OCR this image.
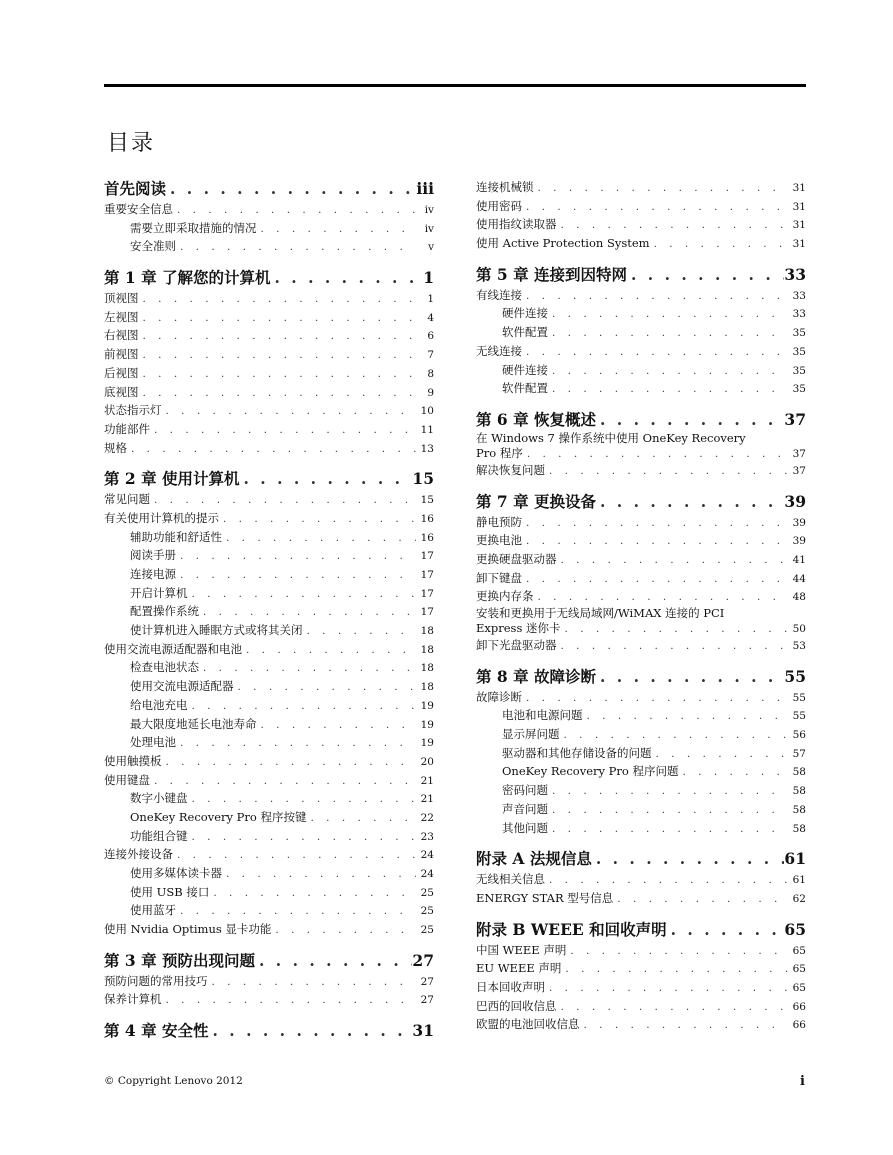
目录
首先阅读 . . .	iii
重要安全信息 . . .	iv
需要立即采取措施的情况 . . .	iv
安全准则 . . .	v
第 1 章 了解您的计算机 . . .	1
顶视图 . . .	1
左视图 . . .	4
右视图 . . .	6
前视图 . . .	7
后视图 . . .	8
底视图 . . .	9
状态指示灯 . . .	10
功能部件 . . .	11
规格 . . .	13
第 2 章 使用计算机 . . .	15
常见问题 . . .	15
有关使用计算机的提示 . . .	16
辅助功能和舒适性 . . .	16
阅读手册 . . .	17
连接电源 . . .	17
开启计算机 . . .	17
配置操作系统 . . .	17
使计算机进入睡眠方式或将其关闭 . . .	18
使用交流电源适配器和电池 . . .	18
检查电池状态 . . .	18
使用交流电源适配器 . . .	18
给电池充电 . . .	19
最大限度地延长电池寿命 . . .	19
处理电池 . . .	19
使用触摸板 . . .	20
使用键盘 . . .	21
数字小键盘 . . .	21
OneKey Recovery Pro 程序按键 . . .	22
功能组合键 . . .	23
连接外接设备 . . .	24
使用多媒体读卡器 . . .	24
使用 USB 接口 . . .	25
使用蓝牙 . . .	25
使用 Nvidia Optimus 显卡功能 . . .	25
第 3 章 预防出现问题 . . .	27
预防问题的常用技巧 . . .	27
保养计算机 . . .	27
第 4 章 安全性 . . .	31
连接机械锁 . . .	31
使用密码 . . .	31
使用指纹读取器 . . .	31
使用 Active Protection System . . .	31
第 5 章 连接到因特网 . . .	33
有线连接 . . .	33
硬件连接 . . .	33
软件配置 . . .	35
无线连接 . . .	35
硬件连接 . . .	35
软件配置 . . .	35
第 6 章 恢复概述 . . .	37
在 Windows 7 操作系统中使用 OneKey Recovery
Pro 程序 . . .	37
解决恢复问题 . . .	37
第 7 章 更换设备 . . .	39
静电预防 . . .	39
更换电池 . . .	39
更换硬盘驱动器 . . .	41
卸下键盘 . . .	44
更换内存条 . . .	48
安装和更换用于无线局域网/WiMAX 连接的 PCI
Express 迷你卡 . . .	50
卸下光盘驱动器 . . .	53
第 8 章 故障诊断 . . .	55
故障诊断 . . .	55
电池和电源问题 . . .	55
显示屏问题 . . .	56
驱动器和其他存储设备的问题 . . .	57
OneKey Recovery Pro 程序问题 . . .	58
密码问题 . . .	58
声音问题 . . .	58
其他问题 . . .	58
附录 A 法规信息 . . .	61
无线相关信息 . . .	61
ENERGY STAR 型号信息 . . .	62
附录 B WEEE 和回收声明 . . .	65
中国 WEEE 声明 . . .	65
EU WEEE 声明 . . .	65
日本回收声明 . . .	65
巴西的回收信息 . . .	66
欧盟的电池回收信息 . . .	66
© Copyright Lenovo 2012	i
